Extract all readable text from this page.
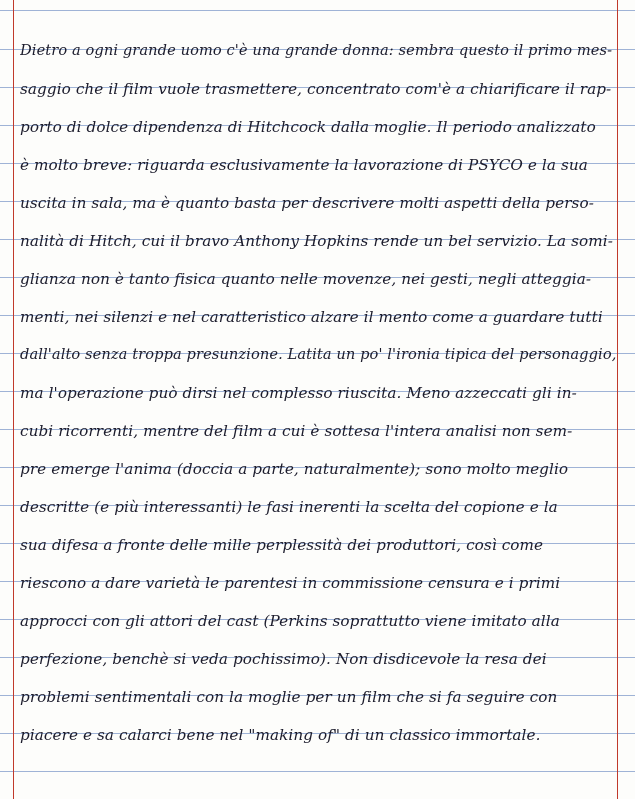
Dietro a ogni grande uomo c'è una grande donna: sembra questo il primo mes-
saggio che il film vuole trasmettere, concentrato com'è a chiarificare il rap-
porto di dolce dipendenza di Hitchcock dalla moglie. Il periodo analizzato
è molto breve: riguarda esclusivamente la lavorazione di PSYCO e la sua
uscita in sala, ma è quanto basta per descrivere molti aspetti della perso-
nalità di Hitch, cui il bravo Anthony Hopkins rende un bel servizio. La somi-
glianza non è tanto fisica quanto nelle movenze, nei gesti, negli atteggia-
menti, nei silenzi e nel caratteristico alzare il mento come a guardare tutti
dall'alto senza troppa presunzione. Latita un po' l'ironia tipica del personaggio,
ma l'operazione può dirsi nel complesso riuscita. Meno azzeccati gli in-
cubi ricorrenti, mentre del film a cui è sottesa l'intera analisi non sem-
pre emerge l'anima (doccia a parte, naturalmente); sono molto meglio
descritte (e più interessanti) le fasi inerenti la scelta del copione e la
sua difesa a fronte delle mille perplessità dei produttori, così come
riescono a dare varietà le parentesi in commissione censura e i primi
approcci con gli attori del cast (Perkins soprattutto viene imitato alla
perfezione, benchè si veda pochissimo). Non disdicevole la resa dei
problemi sentimentali con la moglie per un film che si fa seguire con
piacere e sa calarci bene nel "making of" di un classico immortale.
